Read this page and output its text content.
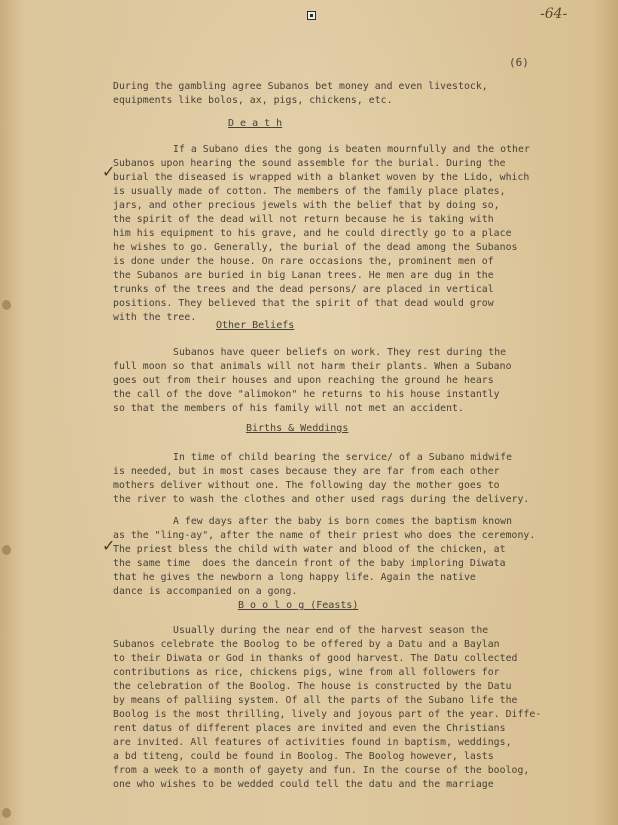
-64-
(6)
During the gambling agree Subanos bet money and even livestock,
equipments like bolos, ax, pigs, chickens, etc.
D e a t h
If a Subano dies the gong is beaten mournfully and the other
Subanos upon hearing the sound assemble for the burial. During the
burial the diseased is wrapped with a blanket woven by the Lido, which
is usually made of cotton. The members of the family place plates,
jars, and other precious jewels with the belief that by doing so,
the spirit of the dead will not return because he is taking with
him his equipment to his grave, and he could directly go to a place
he wishes to go. Generally, the burial of the dead among the Subanos
is done under the house. On rare occasions the, prominent men of
the Subanos are buried in big Lanan trees. He men are dug in the
trunks of the trees and the dead persons/ are placed in vertical
positions. They believed that the spirit of that dead would grow
with the tree.
✓
Other Beliefs
Subanos have queer beliefs on work. They rest during the
full moon so that animals will not harm their plants. When a Subano
goes out from their houses and upon reaching the ground he hears
the call of the dove "alimokon" he returns to his house instantly
so that the members of his family will not met an accident.
Births & Weddings
In time of child bearing the service/ of a Subano midwife
is needed, but in most cases because they are far from each other
mothers deliver without one. The following day the mother goes to
the river to wash the clothes and other used rags during the delivery.
A few days after the baby is born comes the baptism known
as the "ling-ay", after the name of their priest who does the ceremony.
The priest bless the child with water and blood of the chicken, at
the same time  does the dancein front of the baby imploring Diwata
that he gives the newborn a long happy life. Again the native
dance is accompanied on a gong.
✓
B o o l o g (Feasts)
Usually during the near end of the harvest season the
Subanos celebrate the Boolog to be offered by a Datu and a Baylan
to their Diwata or God in thanks of good harvest. The Datu collected
contributions as rice, chickens pigs, wine from all followers for
the celebration of the Boolog. The house is constructed by the Datu
by means of palliing system. Of all the parts of the Subano life the
Boolog is the most thrilling, lively and joyous part of the year. Diffe-
rent datus of different places are invited and even the Christians
are invited. All features of activities found in baptism, weddings,
a bd titeng, could be found in Boolog. The Boolog however, lasts
from a week to a month of gayety and fun. In the course of the boolog,
one who wishes to be wedded could tell the datu and the marriage
